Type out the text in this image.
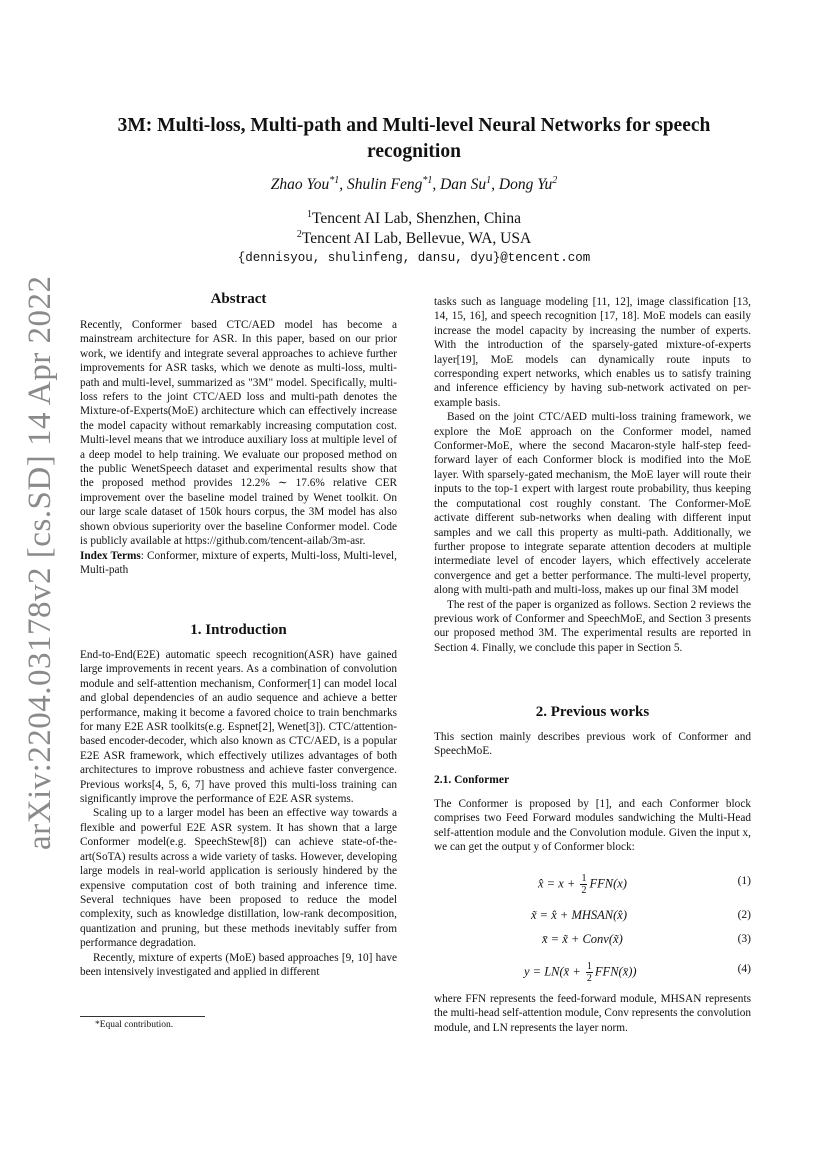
arXiv:2204.03178v2 [cs.SD] 14 Apr 2022
3M: Multi-loss, Multi-path and Multi-level Neural Networks for speech recognition
Zhao You$^{*1}$, Shulin Feng$^{*1}$, Dan Su$^1$, Dong Yu$^2$
$^1$Tencent AI Lab, Shenzhen, China
$^2$Tencent AI Lab, Bellevue, WA, USA
{dennisyou, shulinfeng, dansu, dyu}@tencent.com
Abstract

Recently, Conformer based CTC/AED model has become a mainstream architecture for ASR. In this paper, based on our prior work, we identify and integrate several approaches to achieve further improvements for ASR tasks, which we denote as multi-loss, multi-path and multi-level, summarized as "3M" model. Specifically, multi-loss refers to the joint CTC/AED loss and multi-path denotes the Mixture-of-Experts(MoE) architecture which can effectively increase the model capacity without remarkably increasing computation cost. Multi-level means that we introduce auxiliary loss at multiple level of a deep model to help training. We evaluate our proposed method on the public WenetSpeech dataset and experimental results show that the proposed method provides 12.2% ∼ 17.6% relative CER improvement over the baseline model trained by Wenet toolkit. On our large scale dataset of 150k hours corpus, the 3M model has also shown obvious superiority over the baseline Conformer model. Code is publicly available at https://github.com/tencent-ailab/3m-asr.

Index Terms: Conformer, mixture of experts, Multi-loss, Multi-level, Multi-path

1. Introduction

End-to-End(E2E) automatic speech recognition(ASR) have gained large improvements in recent years. As a combination of convolution module and self-attention mechanism, Conformer[1] can model local and global dependencies of an audio sequence and achieve a better performance, making it become a favored choice to train benchmarks for many E2E ASR toolkits(e.g. Espnet[2], Wenet[3]). CTC/attention-based encoder-decoder, which also known as CTC/AED, is a popular E2E ASR framework, which effectively utilizes advantages of both architectures to improve robustness and achieve faster convergence. Previous works[4, 5, 6, 7] have proved this multi-loss training can significantly improve the performance of E2E ASR systems.

Scaling up to a larger model has been an effective way towards a flexible and powerful E2E ASR system. It has shown that a large Conformer model(e.g. SpeechStew[8]) can achieve state-of-the-art(SoTA) results across a wide variety of tasks. However, developing large models in real-world application is seriously hindered by the expensive computation cost of both training and inference time. Several techniques have been proposed to reduce the model complexity, such as knowledge distillation, low-rank decomposition, quantization and pruning, but these methods inevitably suffer from performance degradation.

Recently, mixture of experts (MoE) based approaches [9, 10] have been intensively investigated and applied in different

*Equal contribution.

tasks such as language modeling [11, 12], image classification [13, 14, 15, 16], and speech recognition [17, 18]. MoE models can easily increase the model capacity by increasing the number of experts. With the introduction of the sparsely-gated mixture-of-experts layer[19], MoE models can dynamically route inputs to corresponding expert networks, which enables us to satisfy training and inference efficiency by having sub-network activated on per-example basis.

Based on the joint CTC/AED multi-loss training framework, we explore the MoE approach on the Conformer model, named Conformer-MoE, where the second Macaron-style half-step feed-forward layer of each Conformer block is modified into the MoE layer. With sparsely-gated mechanism, the MoE layer will route their inputs to the top-1 expert with largest route probability, thus keeping the computational cost roughly constant. The Conformer-MoE activate different sub-networks when dealing with different input samples and we call this property as multi-path. Additionally, we further propose to integrate separate attention decoders at multiple intermediate level of encoder layers, which effectively accelerate convergence and get a better performance. The multi-level property, along with multi-path and multi-loss, makes up our final 3M model

The rest of the paper is organized as follows. Section 2 reviews the previous work of Conformer and SpeechMoE, and Section 3 presents our proposed method 3M. The experimental results are reported in Section 4. Finally, we conclude this paper in Section 5.

2. Previous works

This section mainly describes previous work of Conformer and SpeechMoE.

2.1. Conformer

The Conformer is proposed by [1], and each Conformer block comprises two Feed Forward modules sandwiching the Multi-Head self-attention module and the Convolution module. Given the input x, we can get the output y of Conformer block:

x̂ = $x + \frac{1}{2} FFN(x)$	(1)
x̃ = x̂ + MHSAN(x̂)	(2)
x̄ = x̃ + Conv(x̃)	(3)
y = LN(x̄ + $\frac{1}{2}$ FFN(x̄))	(4)

where FFN represents the feed-forward module, MHSAN represents the multi-head self-attention module, Conv represents the convolution module, and LN represents the layer norm.
